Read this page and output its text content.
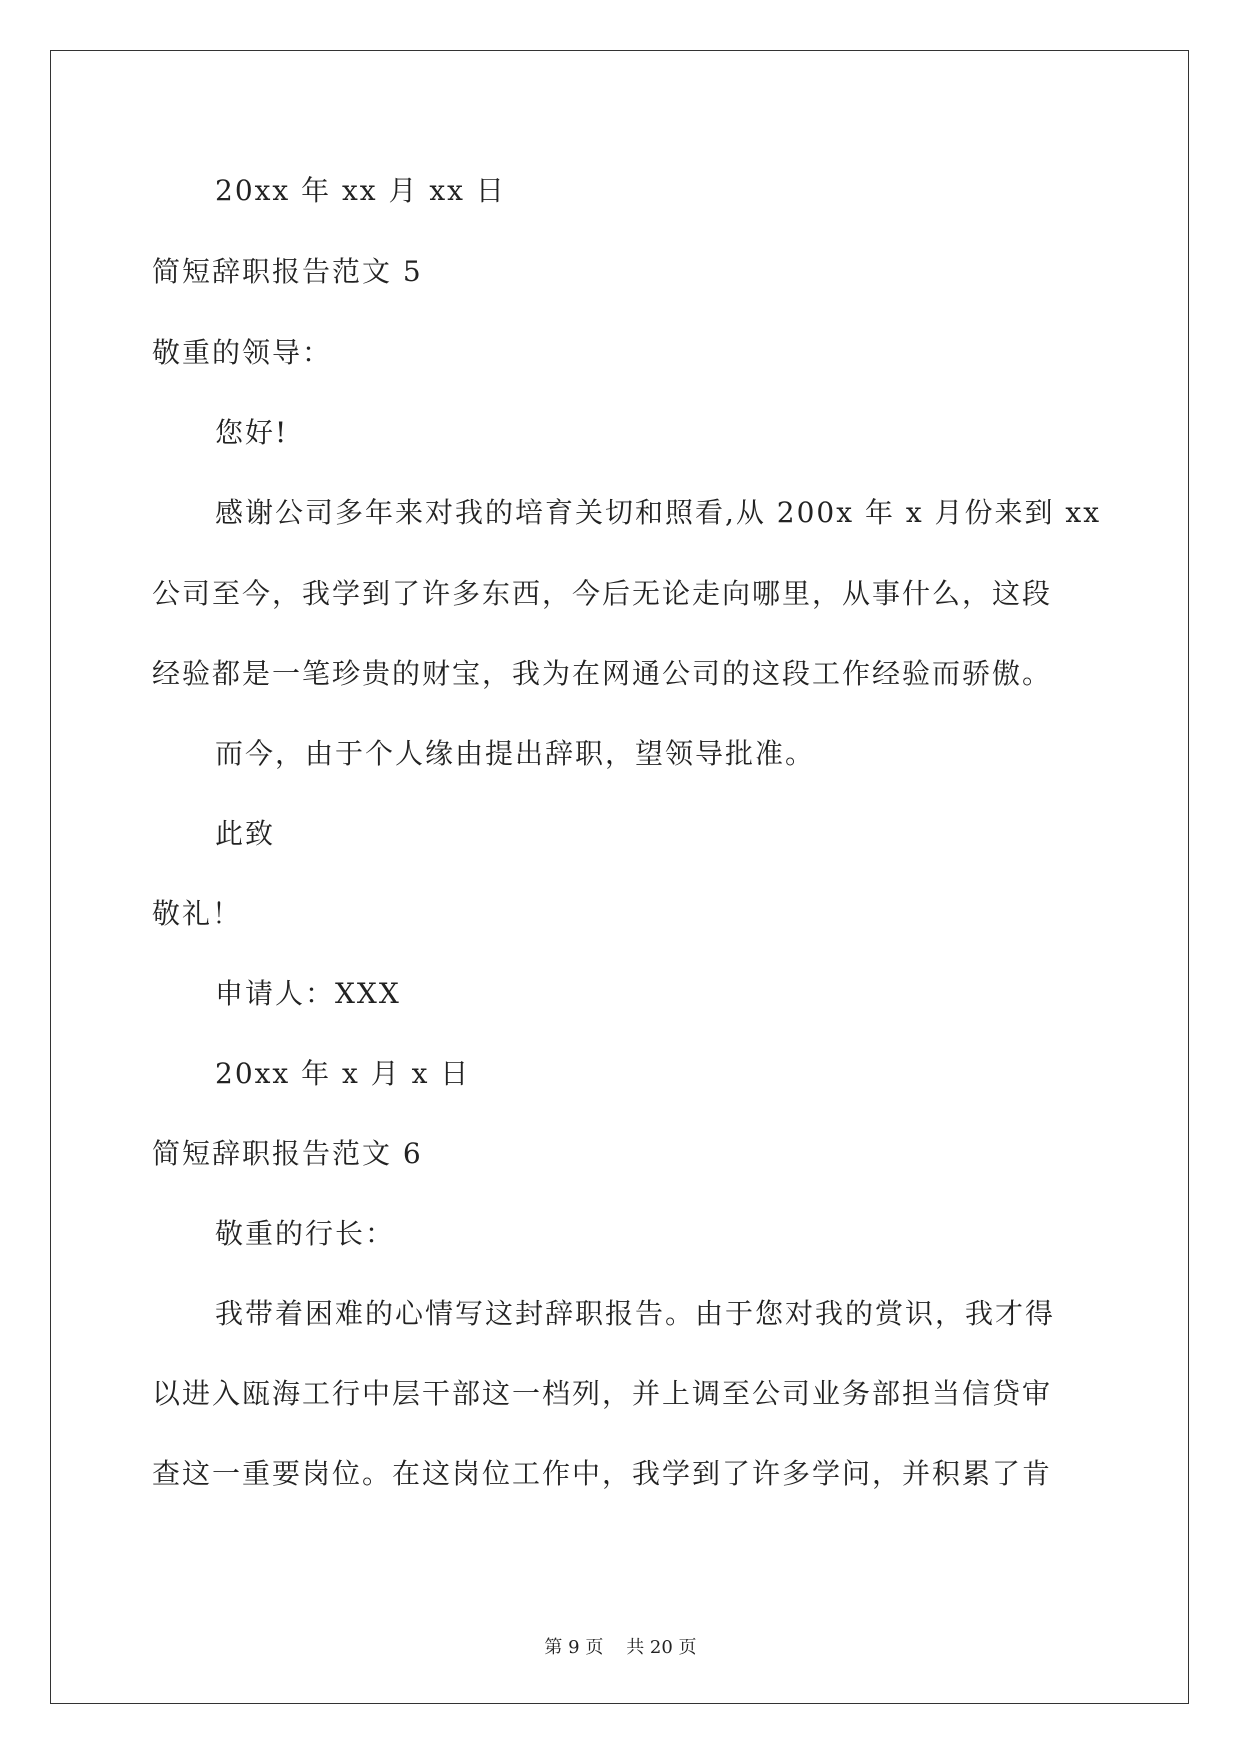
20xx 年 xx 月 xx 日
简短辞职报告范文 5
敬重的领导：
您好!
感谢公司多年来对我的培育关切和照看,从 200x 年 x 月份来到 xx
公司至今，我学到了许多东西，今后无论走向哪里，从事什么，这段
经验都是一笔珍贵的财宝，我为在网通公司的这段工作经验而骄傲。
而今，由于个人缘由提出辞职，望领导批准。
此致
敬礼！
申请人：XXX
20xx 年 x 月 x 日
简短辞职报告范文 6
敬重的行长：
我带着困难的心情写这封辞职报告。由于您对我的赏识，我才得
以进入瓯海工行中层干部这一档列，并上调至公司业务部担当信贷审
查这一重要岗位。在这岗位工作中，我学到了许多学问，并积累了肯
第 9 页    共 20 页
